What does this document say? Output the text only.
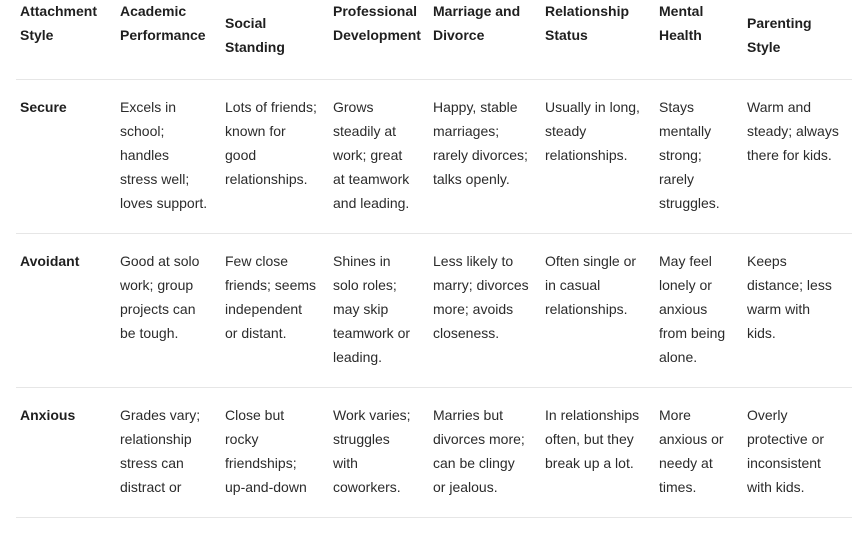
Attachment Style	Academic Performance	Social Standing	Professional Development	Marriage and Divorce	Relationship Status	Mental Health	Parenting Style

Secure	Excels in school; handles stress well; loves support.	Lots of friends; known for good relationships.	Grows steadily at work; great at teamwork and leading.	Happy, stable marriages; rarely divorces; talks openly.	Usually in long, steady relationships.	Stays mentally strong; rarely struggles.	Warm and steady; always there for kids.

Avoidant	Good at solo work; group projects can be tough.	Few close friends; seems independent or distant.	Shines in solo roles; may skip teamwork or leading.	Less likely to marry; divorces more; avoids closeness.	Often single or in casual relationships.	May feel lonely or anxious from being alone.	Keeps distance; less warm with kids.

Anxious	Grades vary; relationship stress can distract or	Close but rocky friendships; up-and-down	Work varies; struggles with coworkers.	Marries but divorces more; can be clingy or jealous.	In relationships often, but they break up a lot.	More anxious or needy at times.	Overly protective or inconsistent with kids.
